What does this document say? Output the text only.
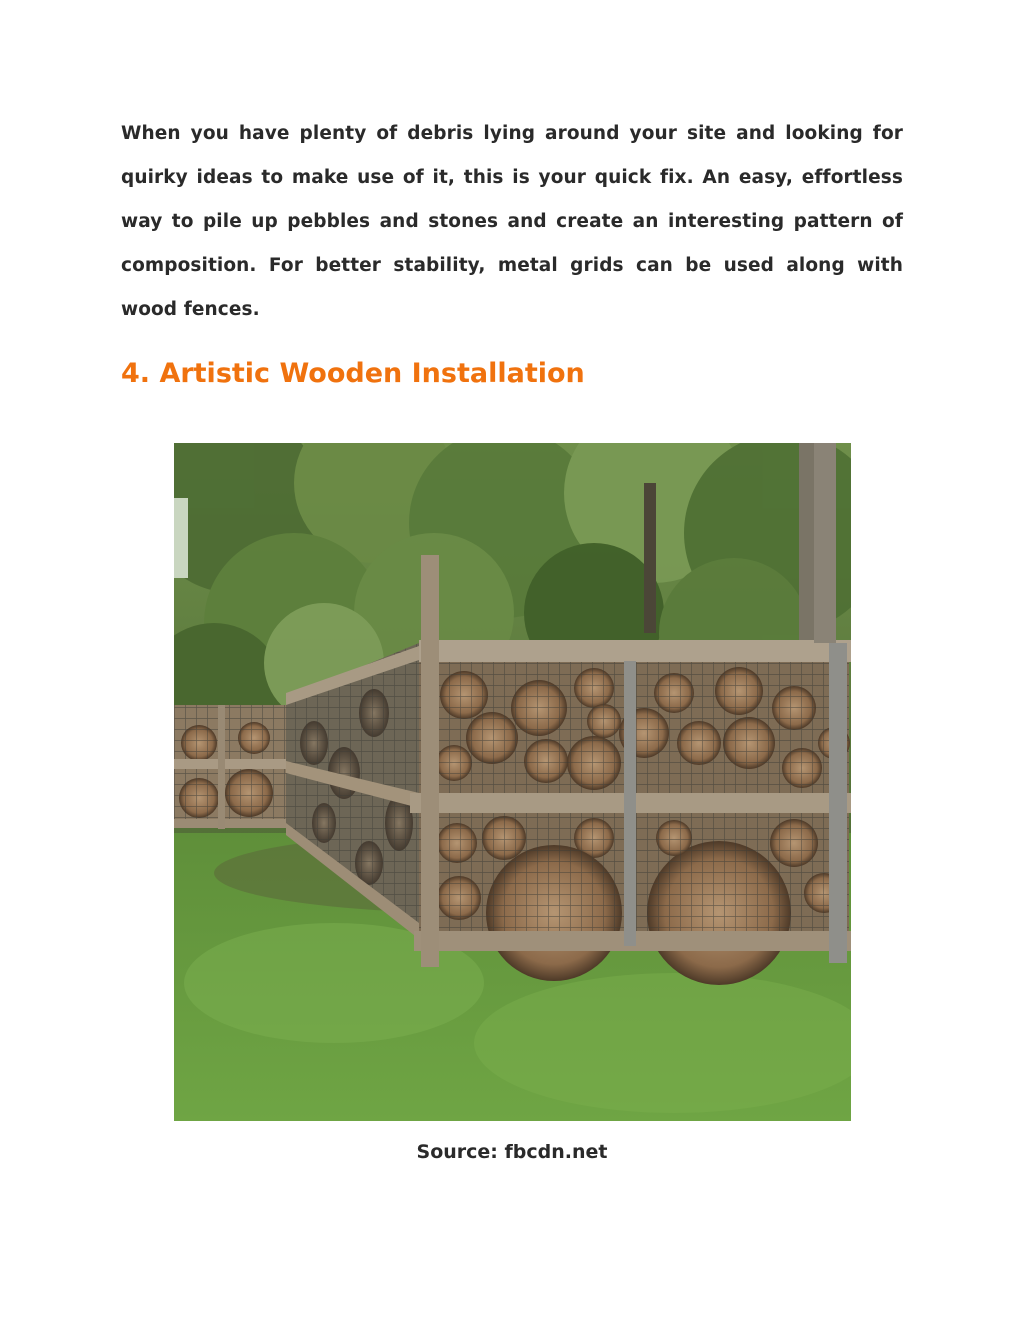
When you have plenty of debris lying around your site and looking for quirky ideas to make use of it, this is your quick fix. An easy, effortless way to pile up pebbles and stones and create an interesting pattern of composition. For better stability, metal grids can be used along with wood fences.

4. Artistic Wooden Installation

Source: fbcdn.net
